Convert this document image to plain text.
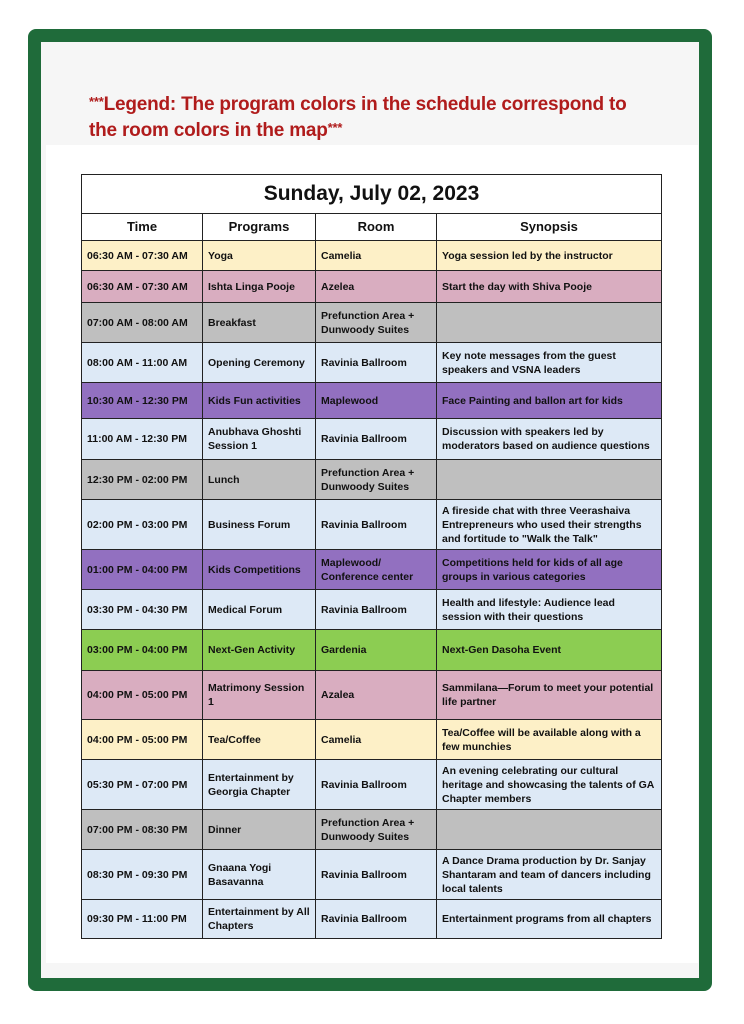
***Legend: The program colors in the schedule correspond to the room colors in the map***
Sunday, July 02, 2023			
Time	Programs	Room	Synopsis
06:30 AM - 07:30 AM	Yoga	Camelia	Yoga session led by the instructor
06:30 AM - 07:30 AM	Ishta Linga Pooje	Azelea	Start the day with Shiva Pooje
07:00 AM - 08:00 AM	Breakfast	Prefunction Area + Dunwoody Suites	
08:00 AM - 11:00 AM	Opening Ceremony	Ravinia Ballroom	Key note messages from the guest speakers and VSNA leaders
10:30 AM - 12:30 PM	Kids Fun activities	Maplewood	Face Painting and ballon art for kids
11:00 AM - 12:30 PM	Anubhava Ghoshti Session 1	Ravinia Ballroom	Discussion with speakers led by moderators based on audience questions
12:30 PM - 02:00 PM	Lunch	Prefunction Area + Dunwoody Suites	
02:00 PM - 03:00 PM	Business Forum	Ravinia Ballroom	A fireside chat with three Veerashaiva Entrepreneurs who used their strengths and fortitude to "Walk the Talk"
01:00 PM - 04:00 PM	Kids Competitions	Maplewood/ Conference center	Competitions held for kids of all age groups in various categories
03:30 PM - 04:30 PM	Medical Forum	Ravinia Ballroom	Health and lifestyle: Audience lead session with their questions
03:00 PM - 04:00 PM	Next-Gen Activity	Gardenia	Next-Gen Dasoha Event
04:00 PM - 05:00 PM	Matrimony Session 1	Azalea	Sammilana—Forum to meet your potential life partner
04:00 PM - 05:00 PM	Tea/Coffee	Camelia	Tea/Coffee will be available along with a few munchies
05:30 PM - 07:00 PM	Entertainment by Georgia Chapter	Ravinia Ballroom	An evening celebrating our cultural heritage and showcasing the talents of GA Chapter members
07:00 PM - 08:30 PM	Dinner	Prefunction Area + Dunwoody Suites	
08:30 PM - 09:30 PM	Gnaana Yogi Basavanna	Ravinia Ballroom	A Dance Drama production by Dr. Sanjay Shantaram and team of dancers including local talents
09:30 PM - 11:00 PM	Entertainment by All Chapters	Ravinia Ballroom	Entertainment programs from all chapters
